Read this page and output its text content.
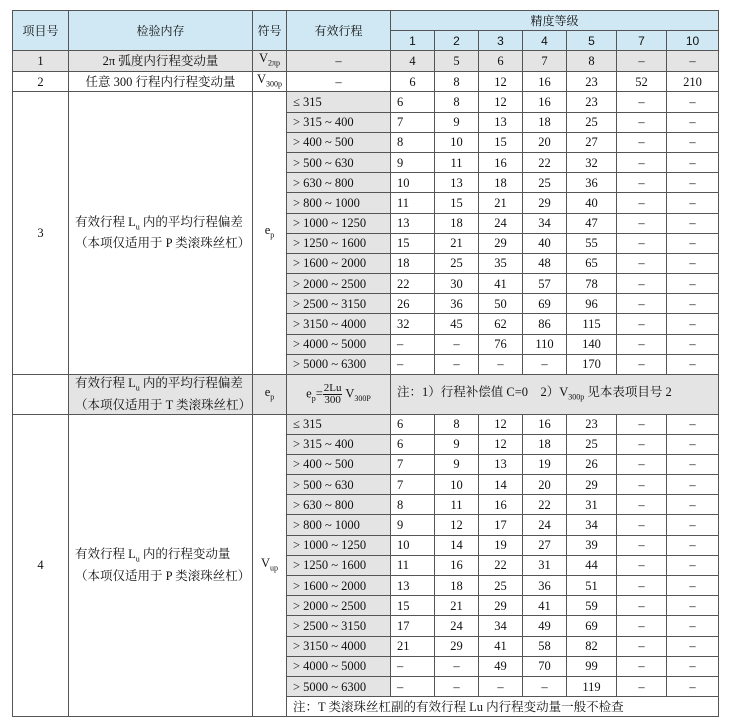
项目号	检验内存	符号	有效行程	精度等级						
				1	2	3	4	5	7	10
1	2π 弧度内行程变动量	$V_{2\pi p}$	–	4	5	6	7	8	–	–
2	任意 300 行程内行程变动量	$V_{300p}$	–	6	8	12	16	23	52	210
3	有效行程 $L_u$ 内的平均行程偏差
（本项仅适用于 P 类滚珠丝杠）	$e_p$	≤ 315	6	8	12	16	23	–	–
			> 315 ~ 400	7	9	13	18	25	–	–
			> 400 ~ 500	8	10	15	20	27	–	–
			> 500 ~ 630	9	11	16	22	32	–	–
			> 630 ~ 800	10	13	18	25	36	–	–
			> 800 ~ 1000	11	15	21	29	40	–	–
			> 1000 ~ 1250	13	18	24	34	47	–	–
			> 1250 ~ 1600	15	21	29	40	55	–	–
			> 1600 ~ 2000	18	25	35	48	65	–	–
			> 2000 ~ 2500	22	30	41	57	78	–	–
			> 2500 ~ 3150	26	36	50	69	96	–	–
			> 3150 ~ 4000	32	45	62	86	115	–	–
			> 4000 ~ 5000	–	–	76	110	140	–	–
			> 5000 ~ 6300	–	–	–	–	170	–	–
	有效行程 $L_u$ 内的平均行程偏差
（本项仅适用于 T 类滚珠丝杠）	$e_p$	$e_p= \frac{2Lu}{300} V_{300P}$	注：1）行程补偿值 C=0　$2)V_{300p}$ 见本表项目号 2						
4	有效行程 $L_u$ 内的行程变动量
（本项仅适用于 P 类滚珠丝杠）	$V_{up}$	≤ 315	6	8	12	16	23	–	–
			> 315 ~ 400	6	9	12	18	25	–	–
			> 400 ~ 500	7	9	13	19	26	–	–
			> 500 ~ 630	7	10	14	20	29	–	–
			> 630 ~ 800	8	11	16	22	31	–	–
			> 800 ~ 1000	9	12	17	24	34	–	–
			> 1000 ~ 1250	10	14	19	27	39	–	–
			> 1250 ~ 1600	11	16	22	31	44	–	–
			> 1600 ~ 2000	13	18	25	36	51	–	–
			> 2000 ~ 2500	15	21	29	41	59	–	–
			> 2500 ~ 3150	17	24	34	49	69	–	–
			> 3150 ~ 4000	21	29	41	58	82	–	–
			> 4000 ~ 5000	–	–	49	70	99	–	–
			> 5000 ~ 6300	–	–	–	–	119	–	–
			注：T 类滚珠丝杠副的有效行程 Lu 内行程变动量一般不检查							
